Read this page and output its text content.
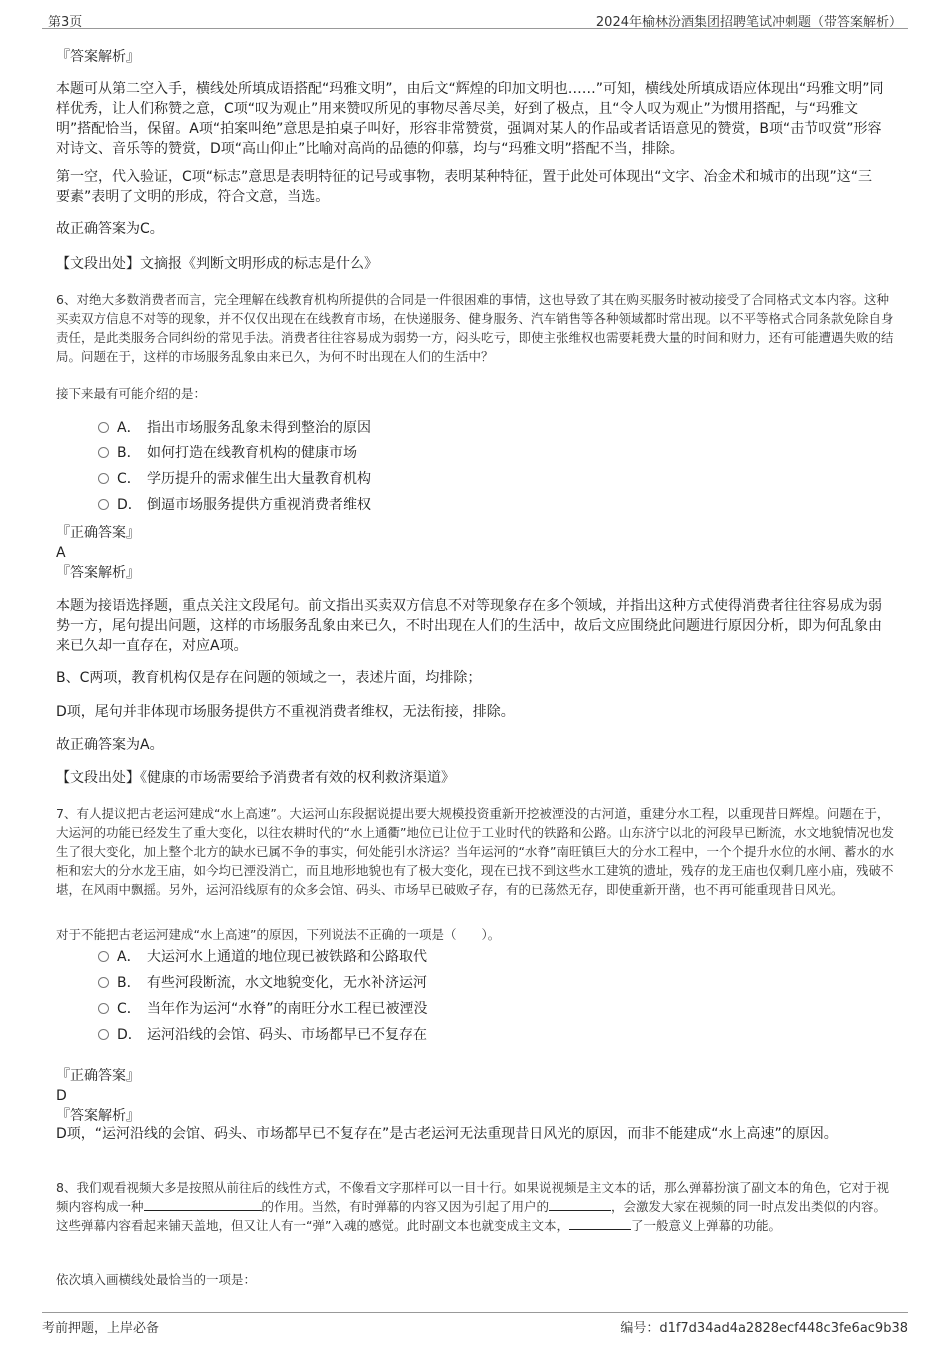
第3页	2024年榆林汾酒集团招聘笔试冲刺题（带答案解析）
『答案解析』
本题可从第二空入手，横线处所填成语搭配“玛雅文明”，由后文“辉煌的印加文明也……”可知，横线处所填成语应体现出“玛雅文明”同样优秀，让人们称赞之意，C项“叹为观止”用来赞叹所见的事物尽善尽美，好到了极点，且“令人叹为观止”为惯用搭配，与“玛雅文明”搭配恰当，保留。A项“拍案叫绝”意思是拍桌子叫好，形容非常赞赏，强调对某人的作品或者话语意见的赞赏，B项“击节叹赏”形容对诗文、音乐等的赞赏，D项“高山仰止”比喻对高尚的品德的仰慕，均与“玛雅文明”搭配不当，排除。
第一空，代入验证，C项“标志”意思是表明特征的记号或事物，表明某种特征，置于此处可体现出“文字、冶金术和城市的出现”这“三要素”表明了文明的形成，符合文意，当选。
故正确答案为C。
【文段出处】文摘报《判断文明形成的标志是什么》
6、对绝大多数消费者而言，完全理解在线教育机构所提供的合同是一件很困难的事情，这也导致了其在购买服务时被动接受了合同格式文本内容。这种买卖双方信息不对等的现象，并不仅仅出现在在线教育市场，在快递服务、健身服务、汽车销售等各种领域都时常出现。以不平等格式合同条款免除自身责任，是此类服务合同纠纷的常见手法。消费者往往容易成为弱势一方，闷头吃亏，即使主张维权也需要耗费大量的时间和财力，还有可能遭遇失败的结局。问题在于，这样的市场服务乱象由来已久，为何不时出现在人们的生活中？
接下来最有可能介绍的是：
A． 指出市场服务乱象未得到整治的原因
B． 如何打造在线教育机构的健康市场
C． 学历提升的需求催生出大量教育机构
D． 倒逼市场服务提供方重视消费者维权
『正确答案』
A
『答案解析』
本题为接语选择题，重点关注文段尾句。前文指出买卖双方信息不对等现象存在多个领域，并指出这种方式使得消费者往往容易成为弱势一方，尾句提出问题，这样的市场服务乱象由来已久，不时出现在人们的生活中，故后文应围绕此问题进行原因分析，即为何乱象由来已久却一直存在，对应A项。
B、C两项，教育机构仅是存在问题的领域之一，表述片面，均排除；
D项，尾句并非体现市场服务提供方不重视消费者维权，无法衔接，排除。
故正确答案为A。
【文段出处】《健康的市场需要给予消费者有效的权利救济渠道》
7、有人提议把古老运河建成“水上高速”。大运河山东段据说提出要大规模投资重新开挖被湮没的古河道，重建分水工程，以重现昔日辉煌。问题在于，大运河的功能已经发生了重大变化，以往农耕时代的“水上通衢”地位已让位于工业时代的铁路和公路。山东济宁以北的河段早已断流，水文地貌情况也发生了很大变化，加上整个北方的缺水已属不争的事实，何处能引水济运？当年运河的“水脊”南旺镇巨大的分水工程中，一个个提升水位的水闸、蓄水的水柜和宏大的分水龙王庙，如今均已湮没消亡，而且地形地貌也有了极大变化，现在已找不到这些水工建筑的遗址，残存的龙王庙也仅剩几座小庙，残破不堪，在风雨中飘摇。另外，运河沿线原有的众多会馆、码头、市场早已破败孑存，有的已荡然无存，即使重新开凿，也不再可能重现昔日风光。
对于不能把古老运河建成“水上高速”的原因，下列说法不正确的一项是（　　）。
A． 大运河水上通道的地位现已被铁路和公路取代
B． 有些河段断流，水文地貌变化，无水补济运河
C． 当年作为运河“水脊”的南旺分水工程已被湮没
D． 运河沿线的会馆、码头、市场都早已不复存在
『正确答案』
D
『答案解析』
D项，“运河沿线的会馆、码头、市场都早已不复存在”是古老运河无法重现昔日风光的原因，而非不能建成“水上高速”的原因。
8、我们观看视频大多是按照从前往后的线性方式，不像看文字那样可以一目十行。如果说视频是主文本的话，那么弹幕扮演了副文本的角色，它对于视频内容构成一种	的作用。当然，有时弹幕的内容又因为引起了用户的	，会激发大家在视频的同一时点发出类似的内容。这些弹幕内容看起来铺天盖地，但又让人有一“弹”入魂的感觉。此时副文本也就变成主文本，	了一般意义上弹幕的功能。
依次填入画横线处最恰当的一项是：
考前押题，上岸必备	编号：d1f7d34ad4a2828ecf448c3fe6ac9b38
